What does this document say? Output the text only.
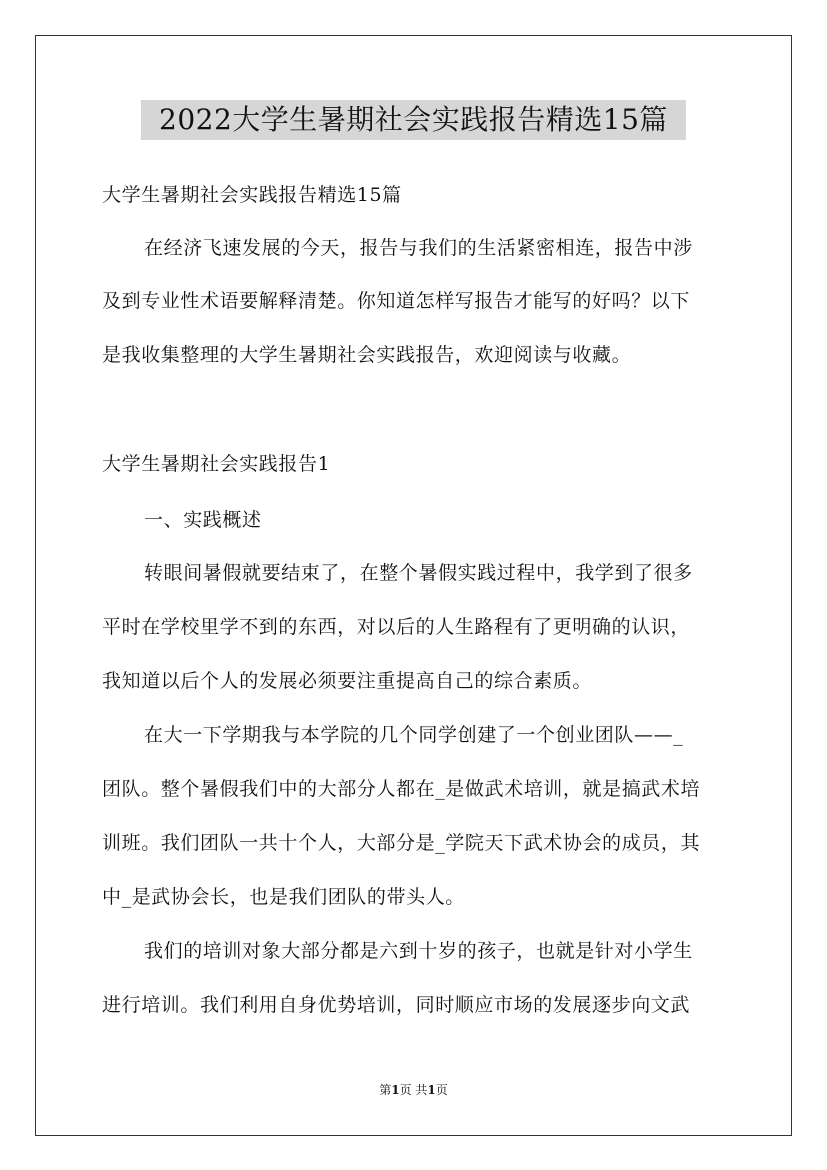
2022大学生暑期社会实践报告精选15篇
大学生暑期社会实践报告精选15篇
在经济飞速发展的今天，报告与我们的生活紧密相连，报告中涉
及到专业性术语要解释清楚。你知道怎样写报告才能写的好吗？以下
是我收集整理的大学生暑期社会实践报告，欢迎阅读与收藏。
大学生暑期社会实践报告1
一、实践概述
转眼间暑假就要结束了，在整个暑假实践过程中，我学到了很多
平时在学校里学不到的东西，对以后的人生路程有了更明确的认识，
我知道以后个人的发展必须要注重提高自己的综合素质。
在大一下学期我与本学院的几个同学创建了一个创业团队——_
团队。整个暑假我们中的大部分人都在_是做武术培训，就是搞武术培
训班。我们团队一共十个人，大部分是_学院天下武术协会的成员，其
中_是武协会长，也是我们团队的带头人。
我们的培训对象大部分都是六到十岁的孩子，也就是针对小学生
进行培训。我们利用自身优势培训，同时顺应市场的发展逐步向文武
第1页 共1页
